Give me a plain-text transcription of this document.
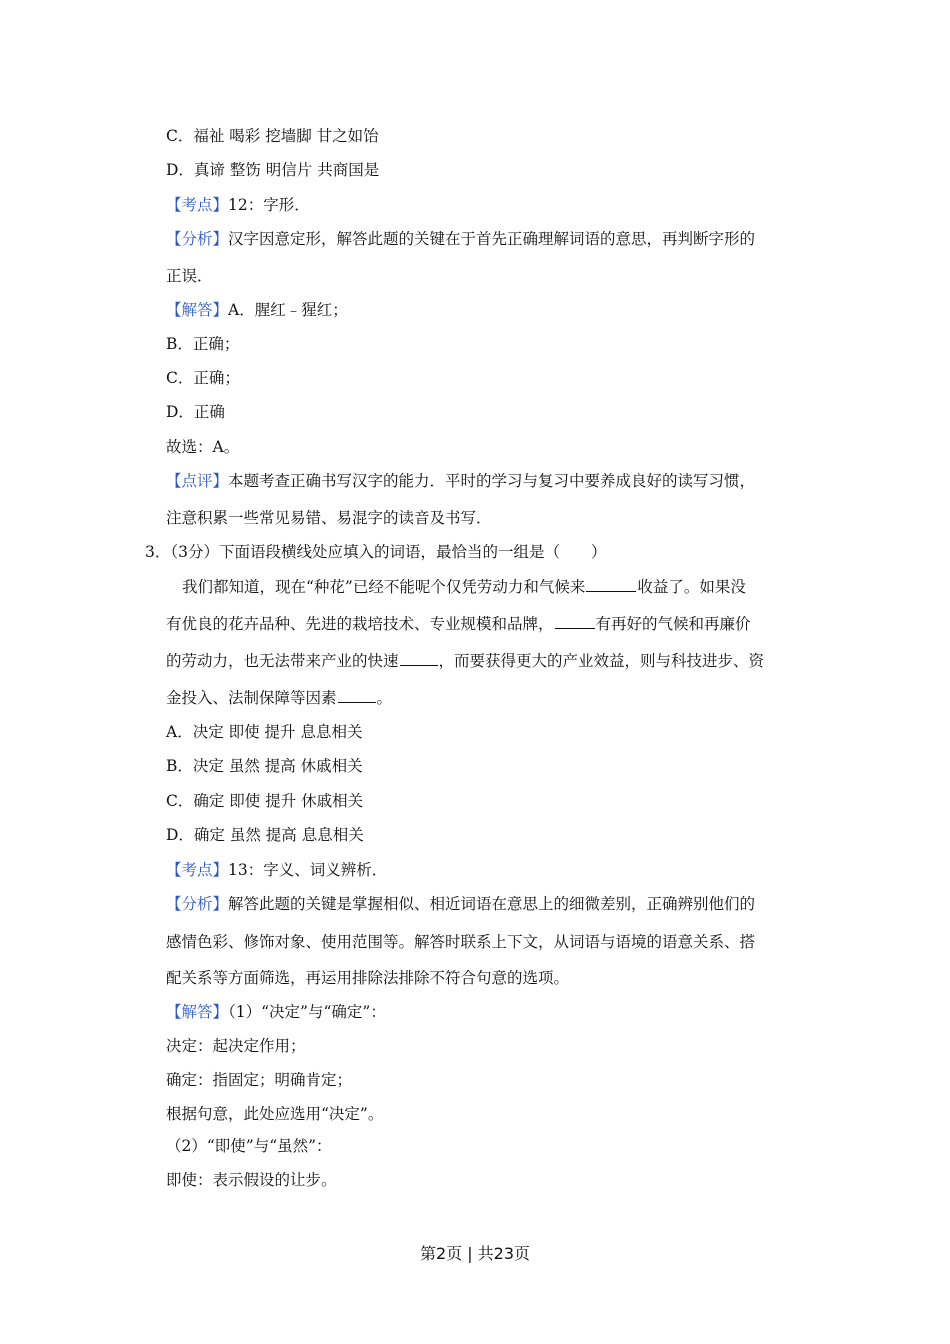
C．福祉 喝彩 挖墙脚 甘之如饴
D．真谛 整饬 明信片 共商国是
【考点】12：字形．
【分析】汉字因意定形，解答此题的关键在于首先正确理解词语的意思，再判断字形的
正误．
【解答】A．腥红﹣猩红；
B．正确；
C．正确；
D．正确
故选：A。
【点评】本题考查正确书写汉字的能力．平时的学习与复习中要养成良好的读写习惯，
注意积累一些常见易错、易混字的读音及书写．
3．（3分）下面语段横线处应填入的词语，最恰当的一组是（　　）
我们都知道，现在“种花”已经不能呢个仅凭劳动力和气候来	收益了。如果没
有优良的花卉品种、先进的栽培技术、专业规模和品牌，	有再好的气候和再廉价
的劳动力，也无法带来产业的快速	，而要获得更大的产业效益，则与科技进步、资
金投入、法制保障等因素	。
A．决定 即使 提升 息息相关
B．决定 虽然 提高 休戚相关
C．确定 即使 提升 休戚相关
D．确定 虽然 提高 息息相关
【考点】13：字义、词义辨析．
【分析】解答此题的关键是掌握相似、相近词语在意思上的细微差别，正确辨别他们的
感情色彩、修饰对象、使用范围等。解答时联系上下文，从词语与语境的语意关系、搭
配关系等方面筛选，再运用排除法排除不符合句意的选项。
【解答】（1）“决定”与“确定”：
决定：起决定作用；
确定：指固定；明确肯定；
根据句意，此处应选用“决定”。
（2）“即使”与“虽然”：
即使：表示假设的让步。
第2页 | 共23页
